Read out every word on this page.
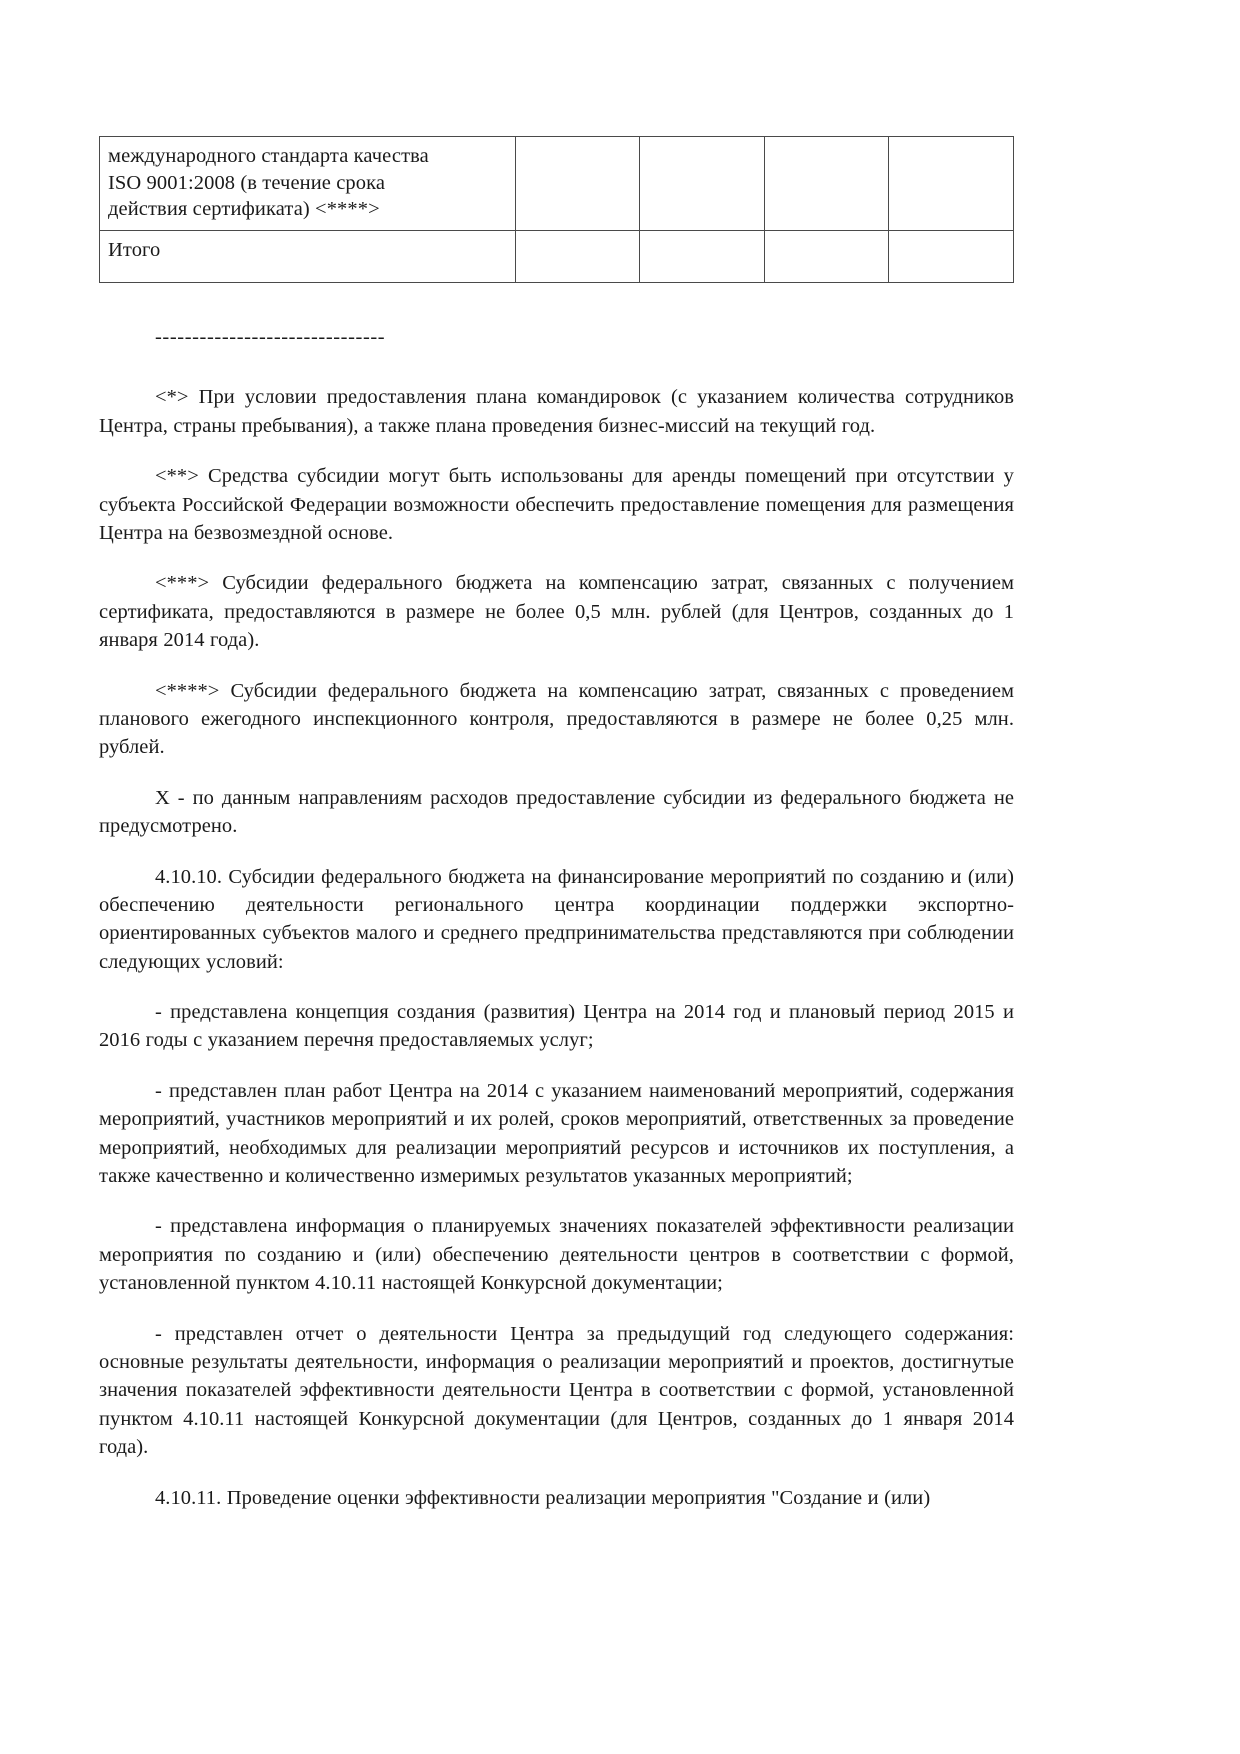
международного стандарта качества
ISO 9001:2008 (в течение срока
действия сертификата) <****>				

Итого				
-------------------------------

<*> При условии предоставления плана командировок (с указанием количества сотрудников Центра, страны пребывания), а также плана проведения бизнес-миссий на текущий год.

<**> Средства субсидии могут быть использованы для аренды помещений при отсутствии у субъекта Российской Федерации возможности обеспечить предоставление помещения для размещения Центра на безвозмездной основе.

<***> Субсидии федерального бюджета на компенсацию затрат, связанных с получением сертификата, предоставляются в размере не более 0,5 млн. рублей (для Центров, созданных до 1 января 2014 года).

<****> Субсидии федерального бюджета на компенсацию затрат, связанных с проведением планового ежегодного инспекционного контроля, предоставляются в размере не более 0,25 млн. рублей.

X - по данным направлениям расходов предоставление субсидии из федерального бюджета не предусмотрено.

4.10.10. Субсидии федерального бюджета на финансирование мероприятий по созданию и (или) обеспечению деятельности регионального центра координации поддержки экспортно-ориентированных субъектов малого и среднего предпринимательства представляются при соблюдении следующих условий:

- представлена концепция создания (развития) Центра на 2014 год и плановый период 2015 и 2016 годы с указанием перечня предоставляемых услуг;

- представлен план работ Центра на 2014 с указанием наименований мероприятий, содержания мероприятий, участников мероприятий и их ролей, сроков мероприятий, ответственных за проведение мероприятий, необходимых для реализации мероприятий ресурсов и источников их поступления, а также качественно и количественно измеримых результатов указанных мероприятий;

- представлена информация о планируемых значениях показателей эффективности реализации мероприятия по созданию и (или) обеспечению деятельности центров в соответствии с формой, установленной пунктом 4.10.11 настоящей Конкурсной документации;

- представлен отчет о деятельности Центра за предыдущий год следующего содержания: основные результаты деятельности, информация о реализации мероприятий и проектов, достигнутые значения показателей эффективности деятельности Центра в соответствии с формой, установленной пунктом 4.10.11 настоящей Конкурсной документации (для Центров, созданных до 1 января 2014 года).

4.10.11. Проведение оценки эффективности реализации мероприятия "Создание и (или)
